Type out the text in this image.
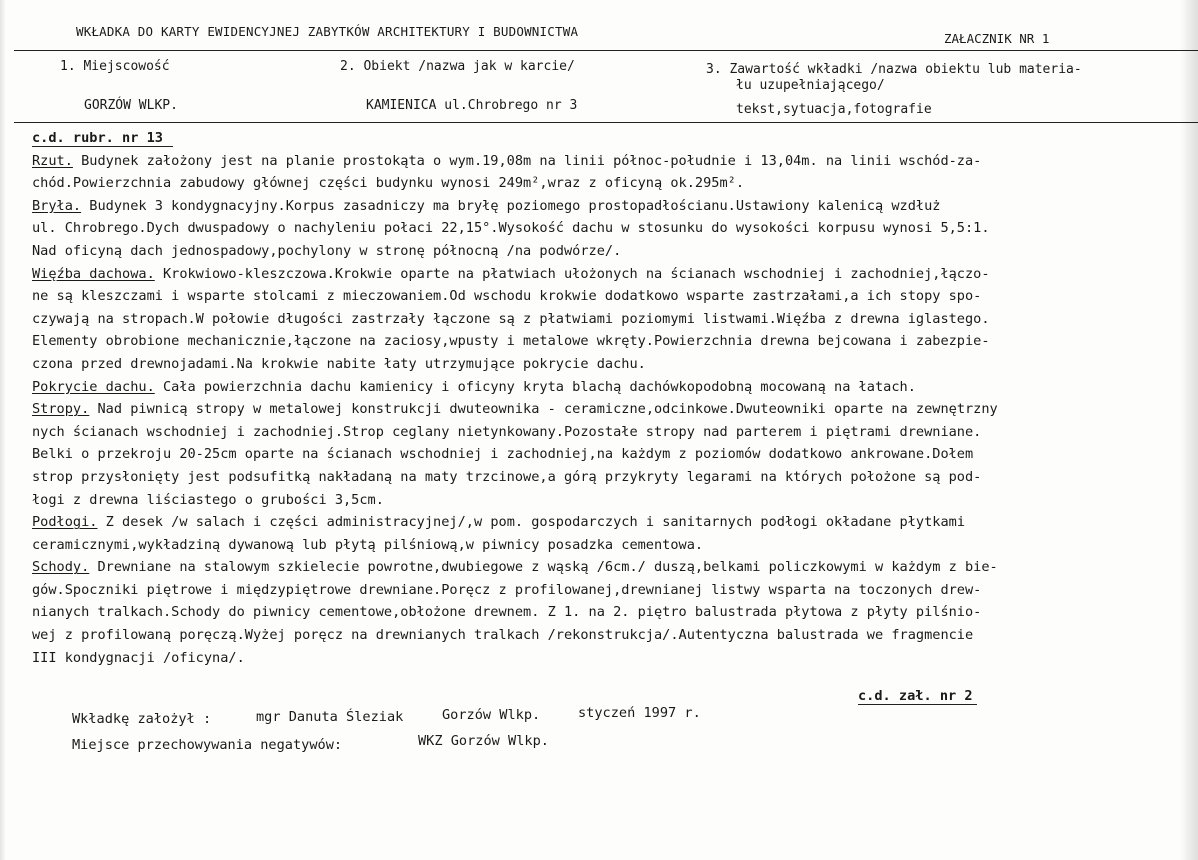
WKŁADKA DO KARTY EWIDENCYJNEJ ZABYTKÓW ARCHITEKTURY I BUDOWNICTWA	ZAŁACZNIK NR 1
1. Miejscowość
GORZÓW WLKP.
2. Obiekt /nazwa jak w karcie/
KAMIENICA ul.Chrobrego nr 3
3. Zawartość wkładki /nazwa obiektu lub materia-
łu uzupełniającego/
tekst,sytuacja,fotografie
c.d. rubr. nr 13
Rzut. Budynek założony jest na planie prostokąta o wym.19,08m na linii północ-południe i 13,04m. na linii wschód-za-
chód.Powierzchnia zabudowy głównej części budynku wynosi 249m²,wraz z oficyną ok.295m².
Bryła. Budynek 3 kondygnacyjny.Korpus zasadniczy ma bryłę poziomego prostopadłościanu.Ustawiony kalenicą wzdłuż
ul. Chrobrego.Dych dwuspadowy o nachyleniu połaci 22,15°.Wysokość dachu w stosunku do wysokości korpusu wynosi 5,5:1.
Nad oficyną dach jednospadowy,pochylony w stronę północną /na podwórze/.
Więźba dachowa. Krokwiowo-kleszczowa.Krokwie oparte na płatwiach ułożonych na ścianach wschodniej i zachodniej,łączo-
ne są kleszczami i wsparte stolcami z mieczowaniem.Od wschodu krokwie dodatkowo wsparte zastrzałami,a ich stopy spo-
czywają na stropach.W połowie długości zastrzały łączone są z płatwiami poziomymi listwami.Więźba z drewna iglastego.
Elementy obrobione mechanicznie,łączone na zaciosy,wpusty i metalowe wkręty.Powierzchnia drewna bejcowana i zabezpie-
czona przed drewnojadami.Na krokwie nabite łaty utrzymujące pokrycie dachu.
Pokrycie dachu. Cała powierzchnia dachu kamienicy i oficyny kryta blachą dachówkopodobną mocowaną na łatach.
Stropy. Nad piwnicą stropy w metalowej konstrukcji dwuteownika - ceramiczne,odcinkowe.Dwuteowniki oparte na zewnętrzny
nych ścianach wschodniej i zachodniej.Strop ceglany nietynkowany.Pozostałe stropy nad parterem i piętrami drewniane.
Belki o przekroju 20-25cm oparte na ścianach wschodniej i zachodniej,na każdym z poziomów dodatkowo ankrowane.Dołem
strop przysłonięty jest podsufitką nakładaną na maty trzcinowe,a górą przykryty legarami na których położone są pod-
łogi z drewna liściastego o grubości 3,5cm.
Podłogi. Z desek /w salach i części administracyjnej/,w pom. gospodarczych i sanitarnych podłogi okładane płytkami
ceramicznymi,wykładziną dywanową lub płytą pilśniową,w piwnicy posadzka cementowa.
Schody. Drewniane na stalowym szkielecie powrotne,dwubiegowe z wąską /6cm./ duszą,belkami policzkowymi w każdym z bie-
gów.Spoczniki piętrowe i międzypiętrowe drewniane.Poręcz z profilowanej,drewnianej listwy wsparta na toczonych drew-
nianych tralkach.Schody do piwnicy cementowe,obłożone drewnem. Z 1. na 2. piętro balustrada płytowa z płyty pilśnio-
wej z profilowaną poręczą.Wyżej poręcz na drewnianych tralkach /rekonstrukcja/.Autentyczna balustrada we fragmencie
III kondygnacji /oficyna/.
c.d. zał. nr 2
Wkładkę założył :	mgr Danuta Śleziak	Gorzów Wlkp.	styczeń 1997 r.
Miejsce przechowywania negatywów:	WKZ Gorzów Wlkp.
